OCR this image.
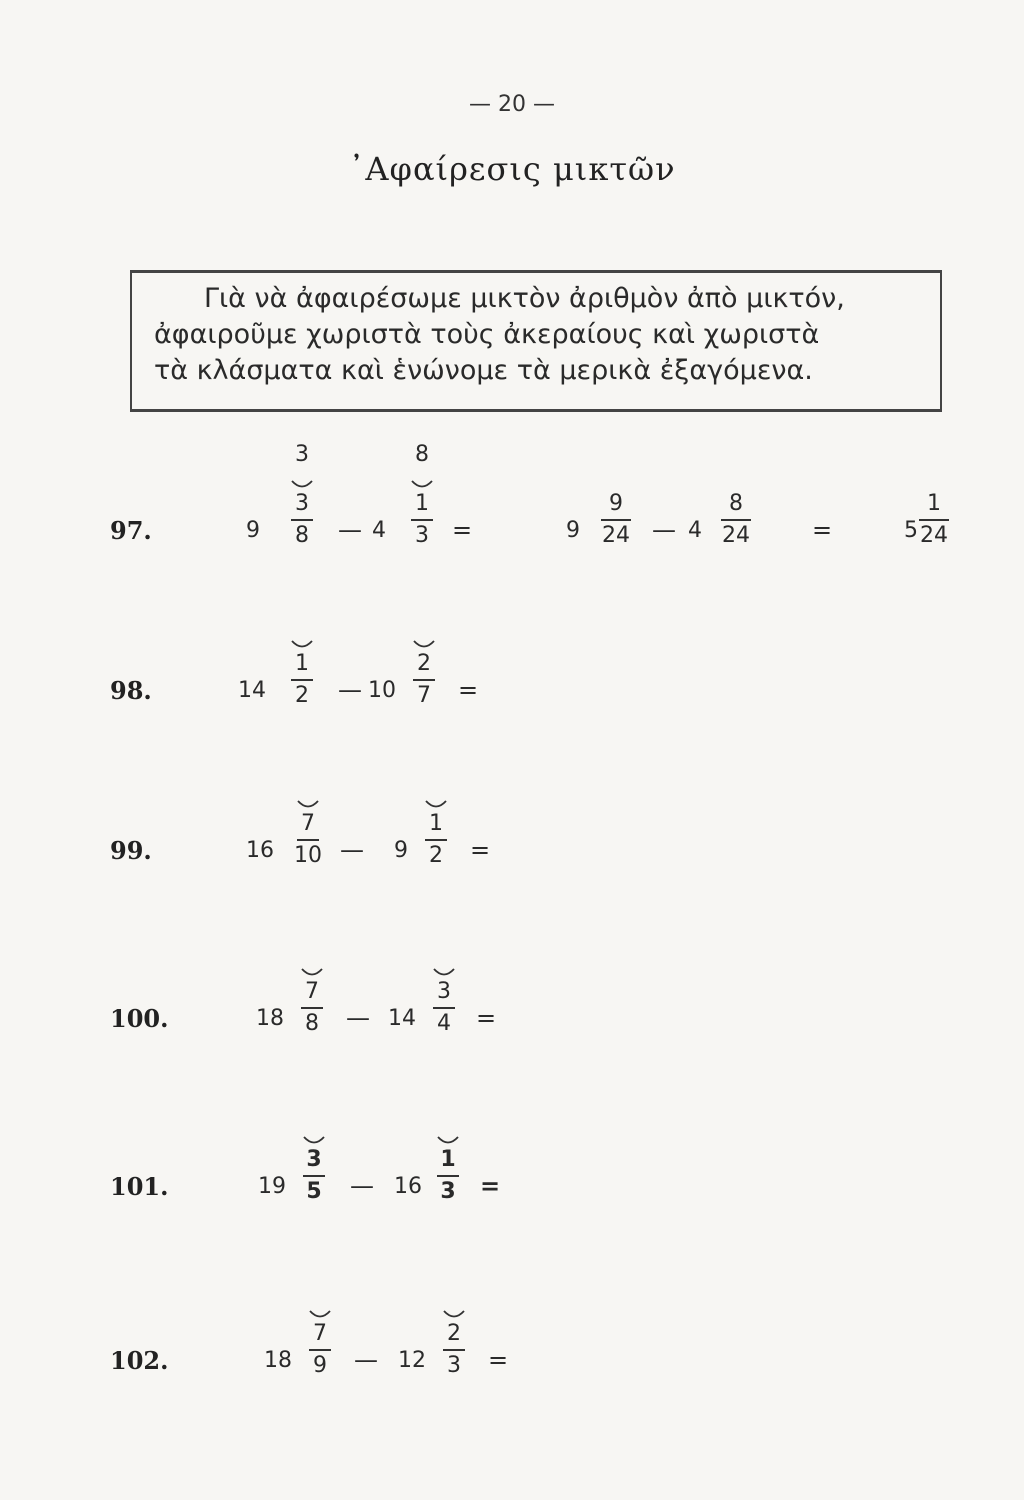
— 20 —
᾿Αφαίρεσις μικτῶν
Γιὰ νὰ ἀφαιρέσωμε μικτὸν ἀριθμὸν ἀπὸ μικτόν,
ἀφαιροῦμε χωριστὰ τοὺς ἀκεραίους καὶ χωριστὰ
τὰ κλάσματα καὶ ἑνώνομε τὰ μερικὰ ἐξαγόμενα.
97.	9
3
3
8 — 4
8
1
3 =	9
9
24 — 4
8
24	=	5
1
24
98.	14
1
2 — 10
2
7 =
99.	16
7
10 — 9
1
2 =
100.	18
7
8 — 14
3
4 =
101.	19
3
5 — 16
1
3 =
102.	18
7
9 — 12
2
3 =
